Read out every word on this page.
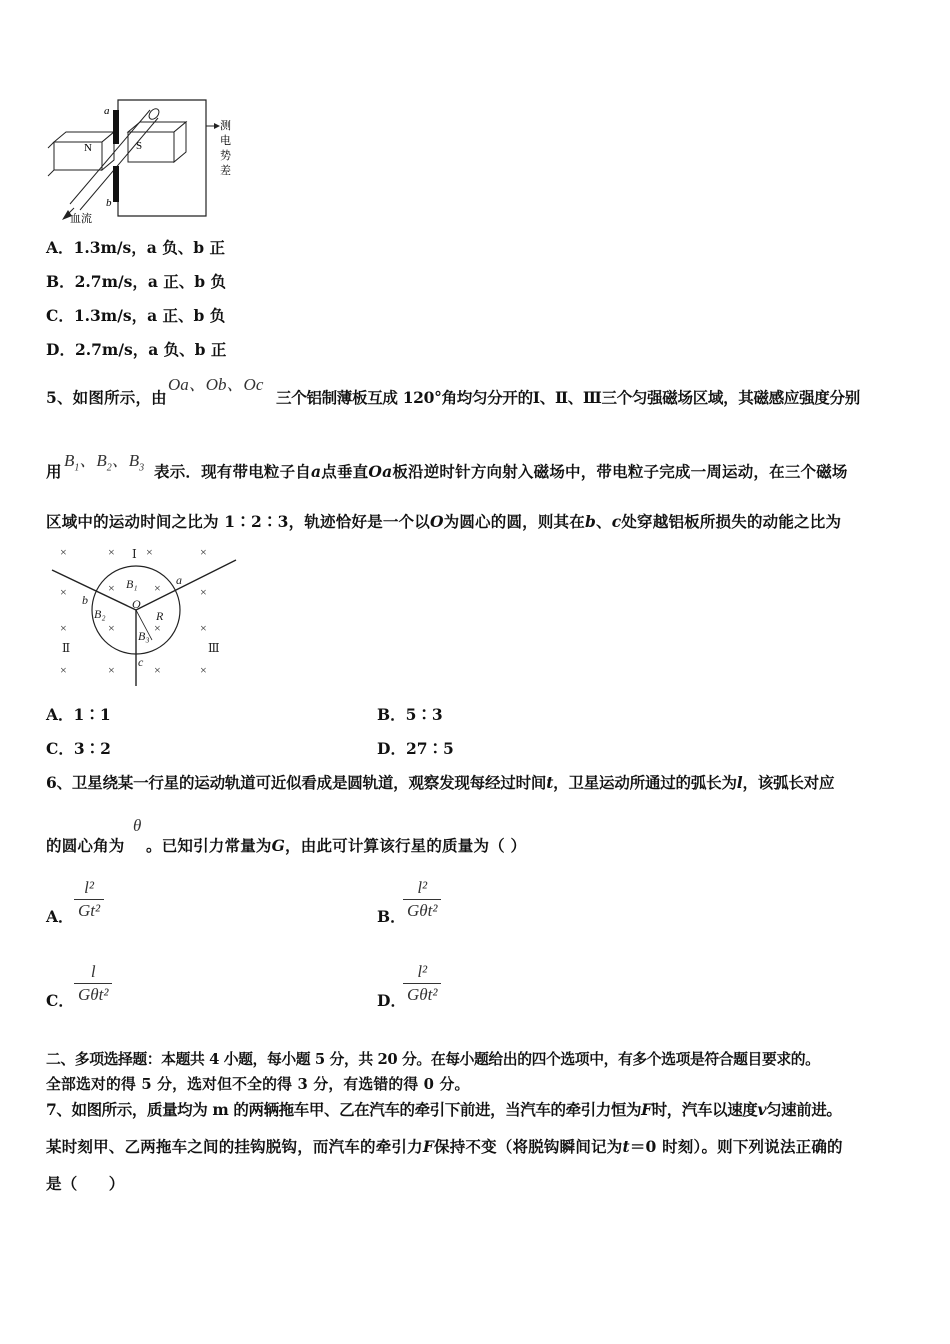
a
b
N	S
血流
测
电
势
差
A．1.3m/s，a 负、b 正
B．2.7m/s，a 正、b 负
C．1.3m/s，a 正、b 负
D．2.7m/s，a 负、b 正
5、如图所示，由
Oa、Ob、Oc
三个铝制薄板互成 120°角均匀分开的Ⅰ、Ⅱ、Ⅲ三个匀强磁场区域，其磁感应强度分别
用
$B_1$、$B_2$、$B_3$ 表示．现有带电粒子自a点垂直Oa板沿逆时针方向射入磁场中，带电粒子完成一周运动，在三个磁场
区域中的运动时间之比为 1∶2∶3，轨迹恰好是一个以O为圆心的圆，则其在b、c处穿越铝板所损失的动能之比为
×	×	×	×
×	×
×	×
×	×	×	×
×	×	×	×
Ⅰ
Ⅱ	Ⅲ
B₁
B₂
B₃
O
R
a
b
c
A．1∶1	B．5∶3
C．3∶2	D．27∶5
6、卫星绕某一行星的运动轨道可近似看成是圆轨道，观察发现每经过时间t，卫星运动所通过的弧长为l，该弧长对应
的圆心角为
θ
。已知引力常量为G，由此可计算该行星的质量为（ ）
A．
l²
Gt²	B．
l²
Gθt²
C．
l
Gθt²	D．
l²
Gθt²
二、多项选择题：本题共 4 小题，每小题 5 分，共 20 分。在每小题给出的四个选项中，有多个选项是符合题目要求的。
全部选对的得 5 分，选对但不全的得 3 分，有选错的得 0 分。
7、如图所示，质量均为 m 的两辆拖车甲、乙在汽车的牵引下前进，当汽车的牵引力恒为F时，汽车以速度v匀速前进。
某时刻甲、乙两拖车之间的挂钩脱钩，而汽车的牵引力F保持不变（将脱钩瞬间记为t＝0 时刻）。则下列说法正确的
是（　　）
